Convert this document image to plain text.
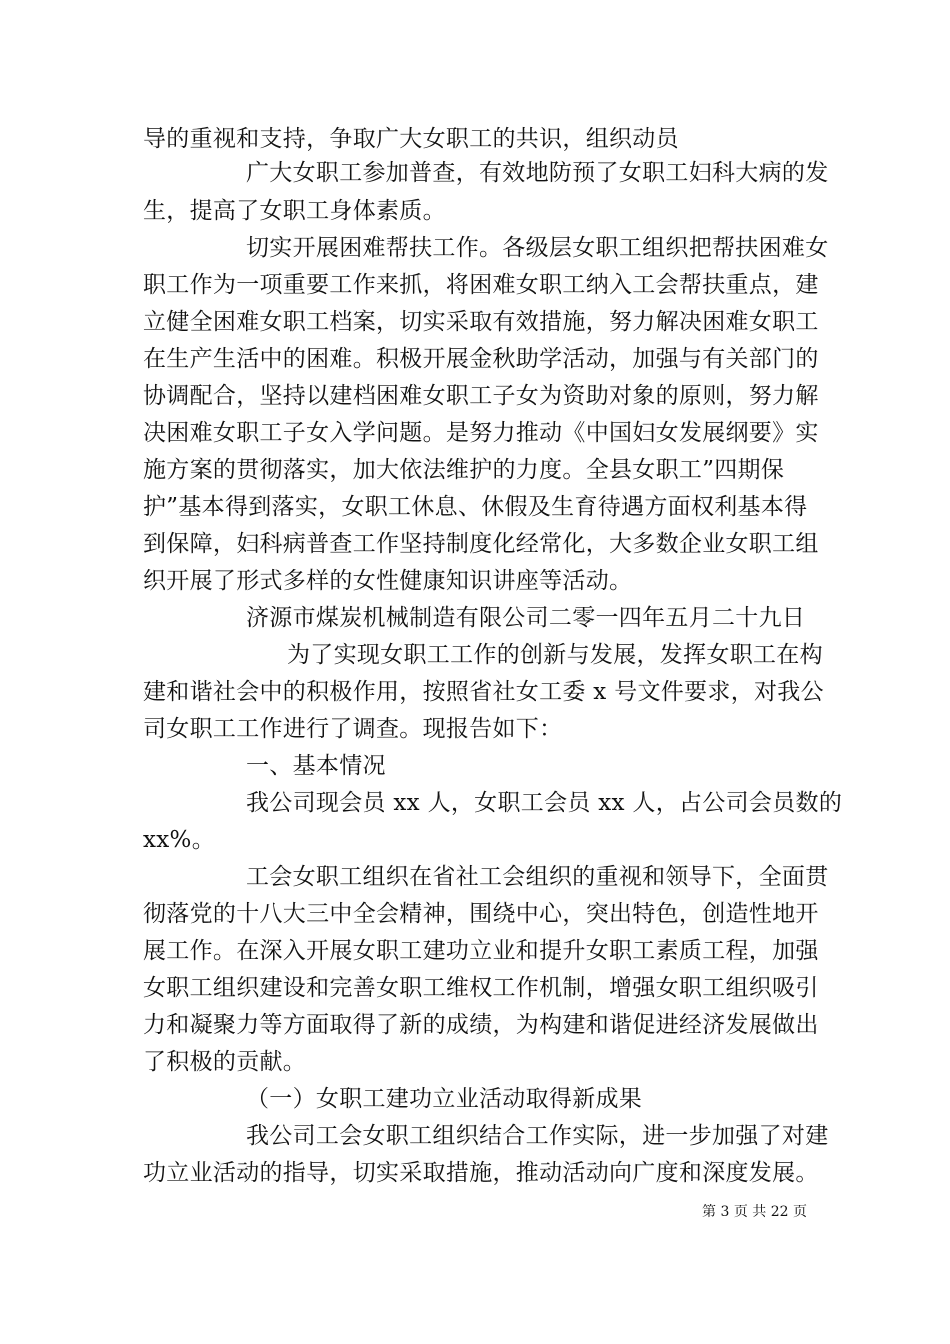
导的重视和支持，争取广大女职工的共识，组织动员
广大女职工参加普查，有效地防预了女职工妇科大病的发
生，提高了女职工身体素质。
切实开展困难帮扶工作。各级层女职工组织把帮扶困难女
职工作为一项重要工作来抓，将困难女职工纳入工会帮扶重点，建
立健全困难女职工档案，切实采取有效措施，努力解决困难女职工
在生产生活中的困难。积极开展金秋助学活动，加强与有关部门的
协调配合，坚持以建档困难女职工子女为资助对象的原则，努力解
决困难女职工子女入学问题。是努力推动《中国妇女发展纲要》实
施方案的贯彻落实，加大依法维护的力度。全县女职工”四期保
护”基本得到落实，女职工休息、休假及生育待遇方面权利基本得
到保障，妇科病普查工作坚持制度化经常化，大多数企业女职工组
织开展了形式多样的女性健康知识讲座等活动。
济源市煤炭机械制造有限公司二零一四年五月二十九日
为了实现女职工工作的创新与发展，发挥女职工在构
建和谐社会中的积极作用，按照省社女工委 x 号文件要求，对我公
司女职工工作进行了调查。现报告如下：
一、基本情况
我公司现会员 xx 人，女职工会员 xx 人，占公司会员数的
xx%。
工会女职工组织在省社工会组织的重视和领导下，全面贯
彻落党的十八大三中全会精神，围绕中心，突出特色，创造性地开
展工作。在深入开展女职工建功立业和提升女职工素质工程，加强
女职工组织建设和完善女职工维权工作机制，增强女职工组织吸引
力和凝聚力等方面取得了新的成绩，为构建和谐促进经济发展做出
了积极的贡献。
（一）女职工建功立业活动取得新成果
我公司工会女职工组织结合工作实际，进一步加强了对建
功立业活动的指导，切实采取措施，推动活动向广度和深度发展。
第 3 页 共 22 页
